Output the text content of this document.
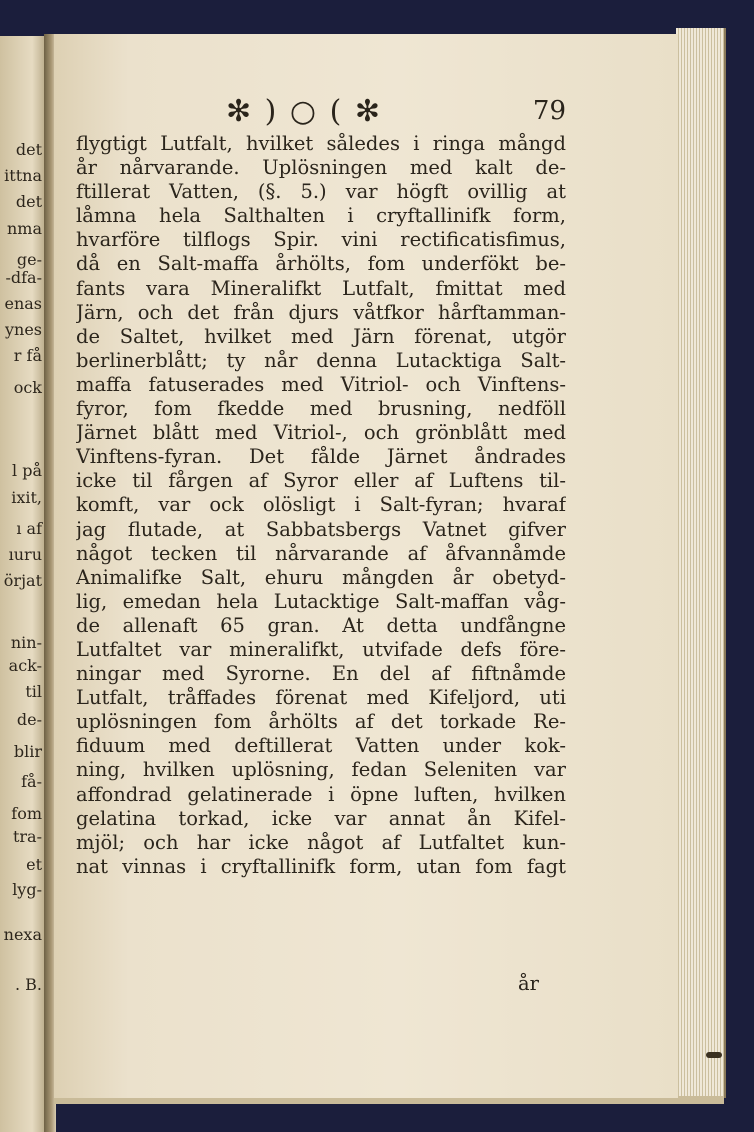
det
ittna
det
nma
ge-
-dfa-
enas
ynes
r få
ock
l på
ixit,
ı af
ıuru
örjat
nin-
ack-
til
de-
blir
få-
fom
tra-
et
lyg-
nexa
. B.
✻ ) ○ ( ✻	79
flygtigt Lutfalt, hvilket således i ringa mångd
år nårvarande. Uplösningen med kalt de-
ftillerat Vatten, (§. 5.) var högft ovillig at
låmna hela Salthalten i cryftallinifk form,
hvarföre tilflogs Spir. vini rectificatisfimus,
då en Salt-maffa århölts, fom underfökt be-
fants vara Mineralifkt Lutfalt, fmittat med
Järn, och det från djurs våtfkor hårftamman-
de Saltet, hvilket med Järn förenat, utgör
berlinerblått; ty når denna Lutacktiga Salt-
maffa fatuserades med Vitriol- och Vinftens-
fyror, fom fkedde med brusning, nedföll
Järnet blått med Vitriol-, och grönblått med
Vinftens-fyran. Det fålde Järnet åndrades
icke til fårgen af Syror eller af Luftens til-
komft, var ock olösligt i Salt-fyran; hvaraf
jag flutade, at Sabbatsbergs Vatnet gifver
något tecken til nårvarande af åfvannåmde
Animalifke Salt, ehuru mångden år obetyd-
lig, emedan hela Lutacktige Salt-maffan våg-
de allenaft 65 gran. At detta undfångne
Lutfaltet var mineralifkt, utvifade defs före-
ningar med Syrorne. En del af fiftnåmde
Lutfalt, tråffades förenat med Kifeljord, uti
uplösningen fom århölts af det torkade Re-
fiduum med deftillerat Vatten under kok-
ning, hvilken uplösning, fedan Seleniten var
affondrad gelatinerade i öpne luften, hvilken
gelatina torkad, icke var annat ån Kifel-
mjöl; och har icke något af Lutfaltet kun-
nat vinnas i cryftallinifk form, utan fom fagt
år
